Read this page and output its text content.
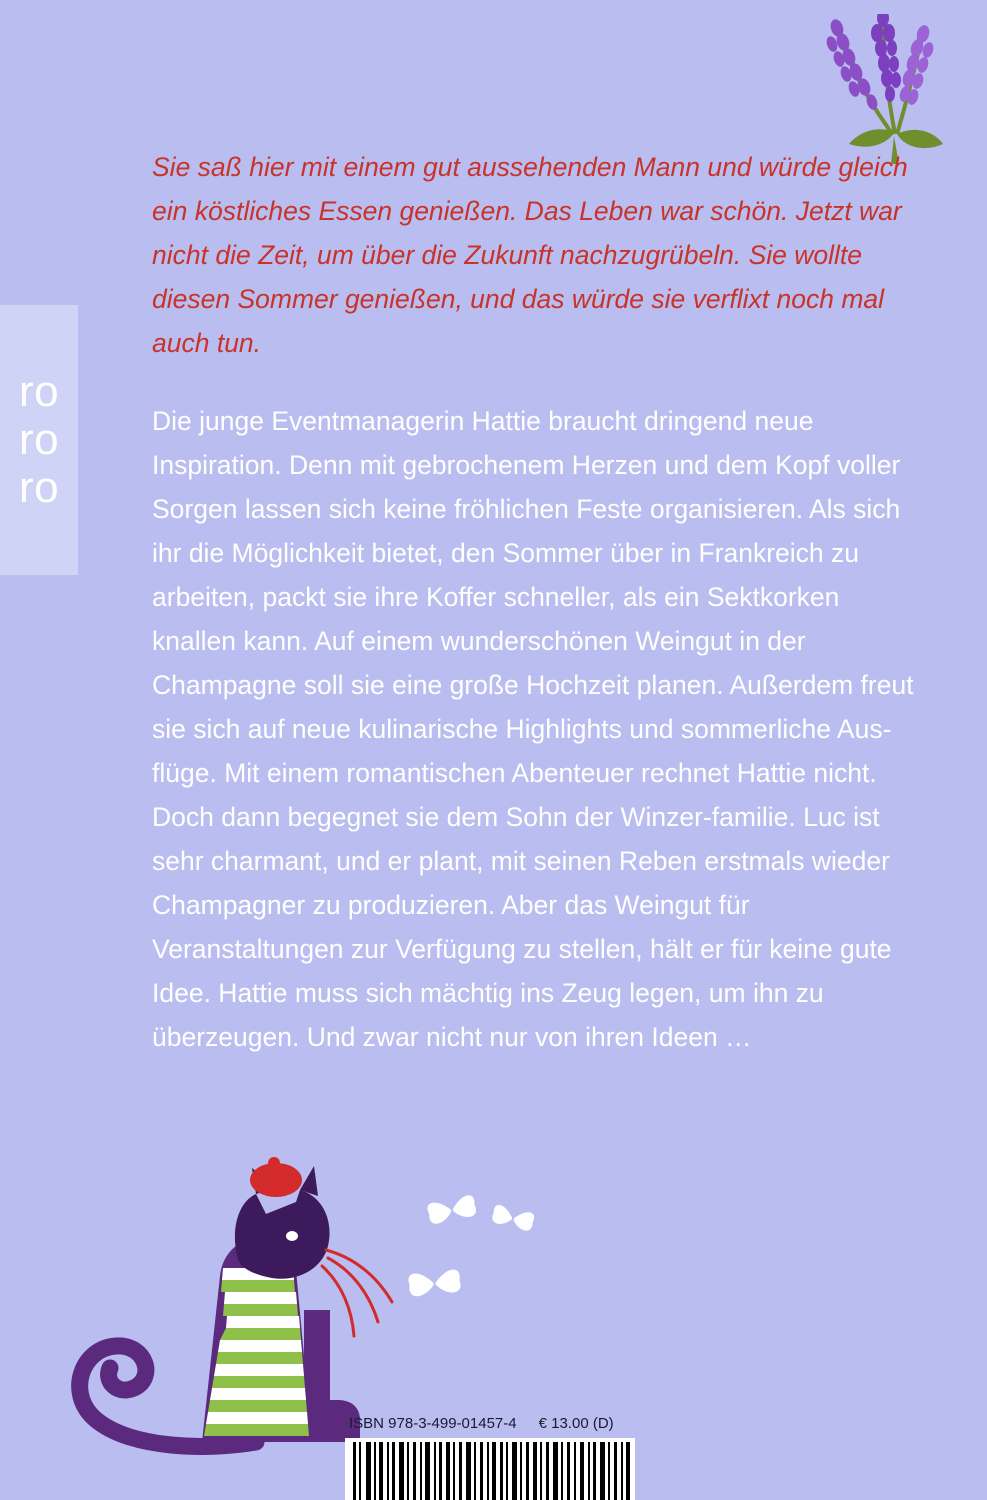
ro
ro
ro

Sie saß hier mit einem gut aussehenden Mann und würde gleich ein köstliches Essen genießen. Das Leben war schön. Jetzt war nicht die Zeit, um über die Zukunft nachzugrübeln. Sie wollte diesen Sommer genießen, und das würde sie verflixt noch mal auch tun.

Die junge Eventmanagerin Hattie braucht dringend neue Inspiration. Denn mit gebrochenem Herzen und dem Kopf voller Sorgen lassen sich keine fröhlichen Feste organisieren. Als sich ihr die Möglichkeit bietet, den Sommer über in Frankreich zu arbeiten, packt sie ihre Koffer schneller, als ein Sektkorken knallen kann. Auf einem wunderschönen Weingut in der Champagne soll sie eine große Hochzeit planen. Außerdem freut sie sich auf neue kulinarische Highlights und sommerliche Aus-flüge. Mit einem romantischen Abenteuer rechnet Hattie nicht. Doch dann begegnet sie dem Sohn der Winzer-familie. Luc ist sehr charmant, und er plant, mit seinen Reben erstmals wieder Champagner zu produzieren. Aber das Weingut für Veranstaltungen zur Verfügung zu stellen, hält er für keine gute Idee. Hattie muss sich mächtig ins Zeug legen, um ihn zu überzeugen. Und zwar nicht nur von ihren Ideen …

ISBN 978-3-499-01457-4 € 13.00 (D)
